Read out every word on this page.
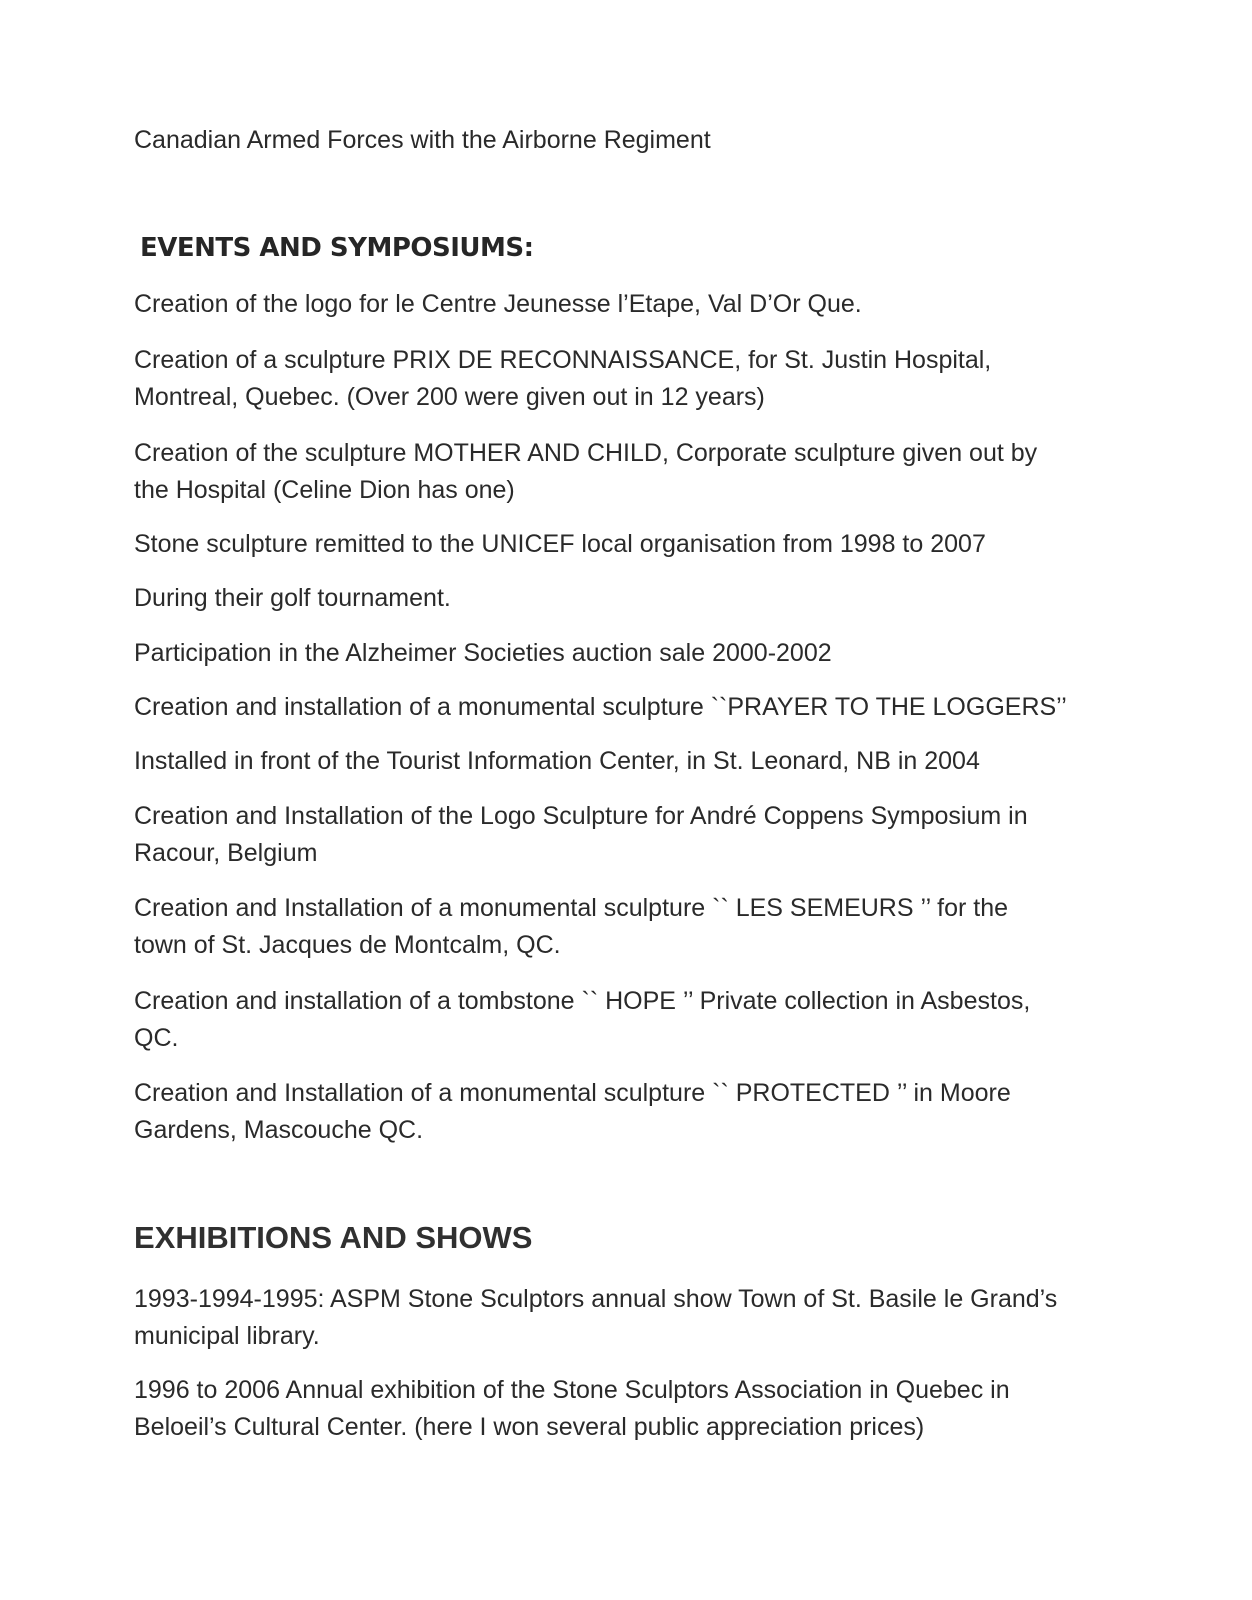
Canadian Armed Forces with the Airborne Regiment

EVENTS AND SYMPOSIUMS:

Creation of the logo for le Centre Jeunesse l’Etape, Val D’Or Que.

Creation of a sculpture PRIX DE RECONNAISSANCE, for St. Justin Hospital,

Montreal, Quebec. (Over 200 were given out in 12 years)

Creation of the sculpture MOTHER AND CHILD, Corporate sculpture given out by

the Hospital (Celine Dion has one)

Stone sculpture remitted to the UNICEF local organisation from 1998 to 2007

During their golf tournament.

Participation in the Alzheimer Societies auction sale 2000-2002

Creation and installation of a monumental sculpture ``PRAYER TO THE LOGGERS’’

Installed in front of the Tourist Information Center, in St. Leonard, NB in 2004

Creation and Installation of the Logo Sculpture for André Coppens Symposium in

Racour, Belgium

Creation and Installation of a monumental sculpture `` LES SEMEURS ’’ for the

town of St. Jacques de Montcalm, QC.

Creation and installation of a tombstone `` HOPE ’’ Private collection in Asbestos,

QC.

Creation and Installation of a monumental sculpture `` PROTECTED ’’ in Moore

Gardens, Mascouche QC.

EXHIBITIONS AND SHOWS

1993-1994-1995: ASPM Stone Sculptors annual show Town of St. Basile le Grand’s

municipal library.

1996 to 2006 Annual exhibition of the Stone Sculptors Association in Quebec in

Beloeil’s Cultural Center. (here I won several public appreciation prices)
